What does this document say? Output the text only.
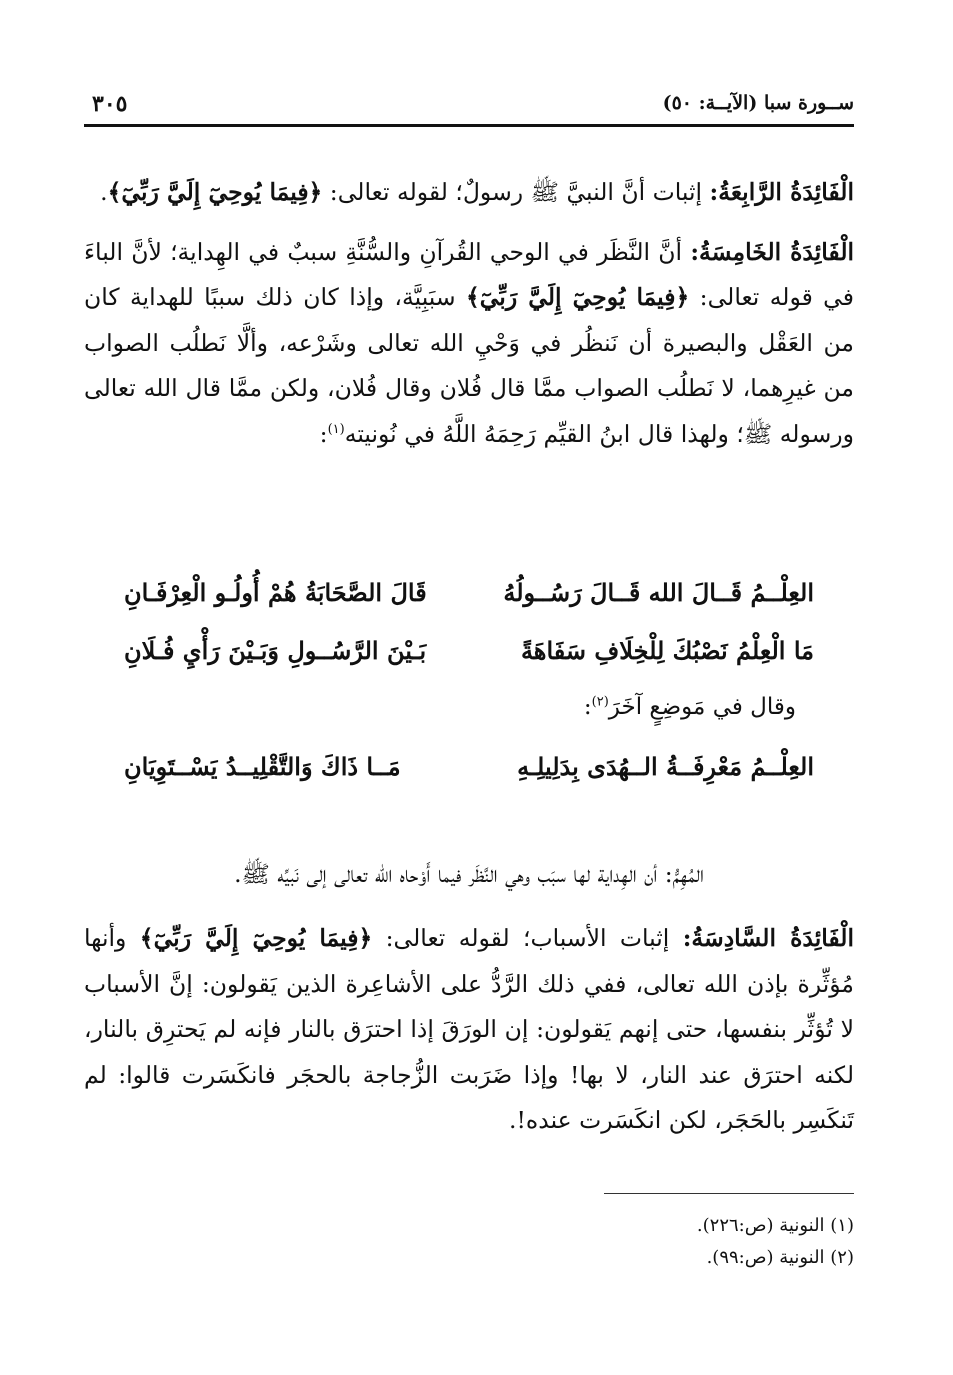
ســورة سبا (الآيــة: ٥٠)
٣٠٥

الْفَائِدَةُ الرَّابِعَةُ: إثبات أنَّ النبيَّ ﷺ رسولٌ؛ لقوله تعالى: ﴿فِيمَا يُوحِيٓ إِلَيَّ رَبِّيٓ﴾.

الْفَائِدَةُ الخَامِسَةُ: أنَّ النَّظَر في الوحي القُرآنِ والسُّنَّةِ سببٌ في الهِداية؛ لأنَّ الباءَ في قوله تعالى: ﴿فِيمَا يُوحِيٓ إِلَيَّ رَبِّيٓ﴾ سبَبِيَّة، وإذا كان ذلك سببًا للهداية كان من العَقْل والبصيرة أن نَنظُر في وَحْيِ الله تعالى وشَرْعه، وألَّا نَطلُب الصواب من غيرِهما، لا نَطلُب الصواب ممَّا قال فُلان وقال فُلان، ولكن ممَّا قال الله تعالى ورسوله ﷺ؛ ولهذا قال ابنُ القيِّم رَحِمَهُ اللَّهُ في نُونيته$^{(١)}$:

العِلْــمُ قَــالَ الله قَــالَ رَسُــولُهُ
قَالَ الصَّحَابَةُ هُمْ أُولُـو الْعِرْفَـانِ
مَا الْعِلْمُ نَصْبُكَ لِلْخِلَافِ سَفَاهَةً
بَـيْنَ الرَّسُــولِ وَبَـيْنَ رَأْيِ فُـلَانِ
وقال في مَوضِعٍ آخَرَ$^{(٢)}$:
العِلْــمُ مَعْرِفَــةُ الــهُدَى بِدَلِيلِـهِ
مَــا ذَاكَ وَالتَّقْلِيــدُ يَسْــتَوِيَانِ
المُهِمُّ: أن الهِداية لها سبَب وهي النَّظَر فيما أَوْحاه الله تعالى إلى نَبيِّه ﷺ.
الْفَائِدَةُ السَّادِسَةُ: إثبات الأسباب؛ لقوله تعالى: ﴿فِيمَا يُوحِيٓ إِلَيَّ رَبِّيٓ﴾ وأنها مُؤثِّرة بإذن الله تعالى، ففي ذلك الرَّدُّ على الأشاعِرة الذين يَقولون: إنَّ الأسباب لا تُؤثِّر بنفسها، حتى إنهم يَقولون: إن الورَقَ إذا احترَق بالنار فإنه لم يَحترِق بالنار، لكنه احترَق عند النار، لا بها! وإذا ضَرَبت الزُّجاجة بالحجَر فانكَسَرت قالوا: لم تَنكَسِر بالحَجَر، لكن انكَسَرت عنده!.

(١) النونية (ص:٢٢٦).

(٢) النونية (ص:٩٩).
